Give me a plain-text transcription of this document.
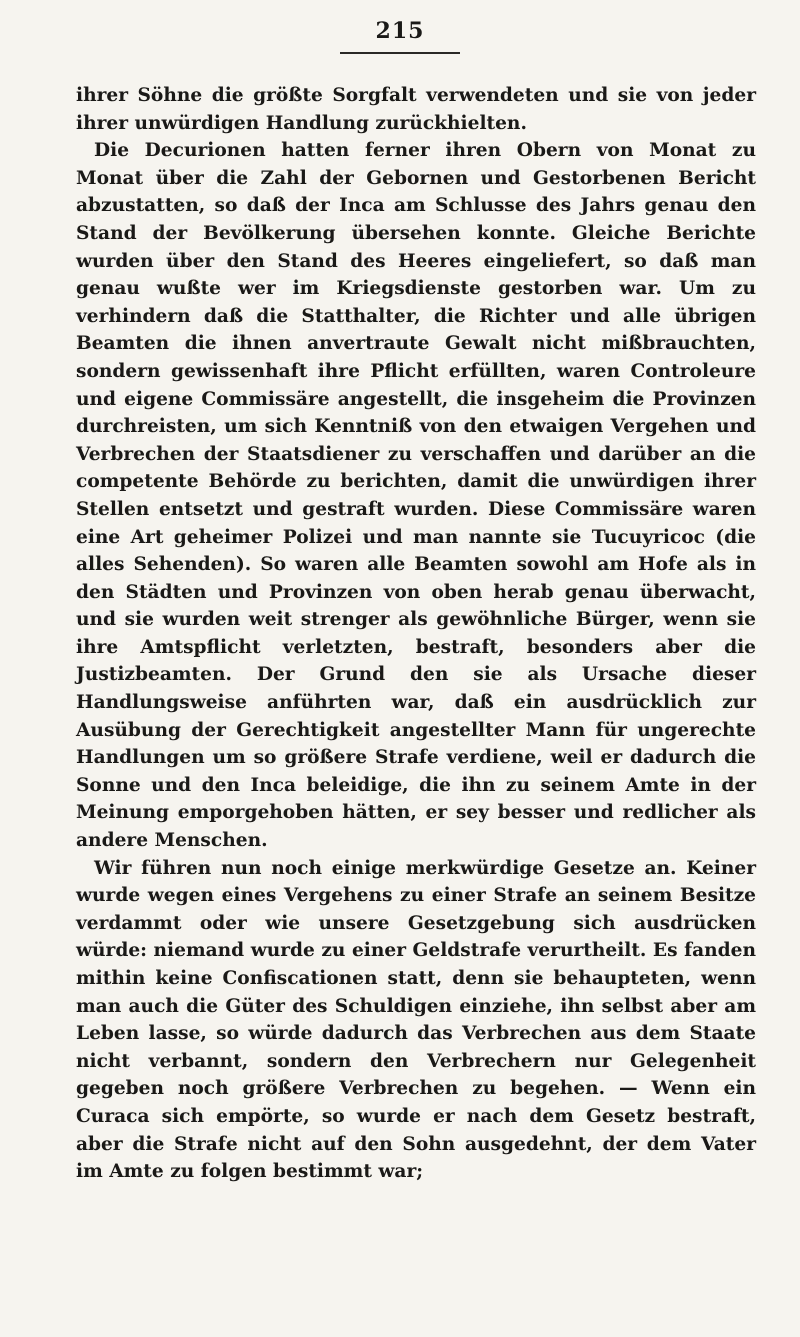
215

ihrer Söhne die größte Sorgfalt verwendeten und sie von jeder ihrer unwürdigen Handlung zurückhielten.

Die Decurionen hatten ferner ihren Obern von Monat zu Monat über die Zahl der Gebornen und Gestorbenen Bericht abzustatten, so daß der Inca am Schlusse des Jahrs genau den Stand der Bevölkerung übersehen konnte. Gleiche Berichte wurden über den Stand des Heeres eingeliefert, so daß man genau wußte wer im Kriegsdienste gestorben war. Um zu verhindern daß die Statthalter, die Richter und alle übrigen Beamten die ihnen anvertraute Gewalt nicht mißbrauchten, sondern gewissenhaft ihre Pflicht erfüllten, waren Controleure und eigene Commissäre angestellt, die insgeheim die Provinzen durchreisten, um sich Kenntniß von den etwaigen Vergehen und Verbrechen der Staatsdiener zu verschaffen und darüber an die competente Behörde zu berichten, damit die unwürdigen ihrer Stellen entsetzt und gestraft wurden. Diese Commissäre waren eine Art geheimer Polizei und man nannte sie Tucuyricoc (die alles Sehenden). So waren alle Beamten sowohl am Hofe als in den Städten und Provinzen von oben herab genau überwacht, und sie wurden weit strenger als gewöhnliche Bürger, wenn sie ihre Amtspflicht verletzten, bestraft, besonders aber die Justizbeamten. Der Grund den sie als Ursache dieser Handlungsweise anführten war, daß ein ausdrücklich zur Ausübung der Gerechtigkeit angestellter Mann für ungerechte Handlungen um so größere Strafe verdiene, weil er dadurch die Sonne und den Inca beleidige, die ihn zu seinem Amte in der Meinung emporgehoben hätten, er sey besser und redlicher als andere Menschen.

Wir führen nun noch einige merkwürdige Gesetze an. Keiner wurde wegen eines Vergehens zu einer Strafe an seinem Besitze verdammt oder wie unsere Gesetzgebung sich ausdrücken würde: niemand wurde zu einer Geldstrafe verurtheilt. Es fanden mithin keine Confiscationen statt, denn sie behaupteten, wenn man auch die Güter des Schuldigen einziehe, ihn selbst aber am Leben lasse, so würde dadurch das Verbrechen aus dem Staate nicht verbannt, sondern den Verbrechern nur Gelegenheit gegeben noch größere Verbrechen zu begehen. — Wenn ein Curaca sich empörte, so wurde er nach dem Gesetz bestraft, aber die Strafe nicht auf den Sohn ausgedehnt, der dem Vater im Amte zu folgen bestimmt war;
